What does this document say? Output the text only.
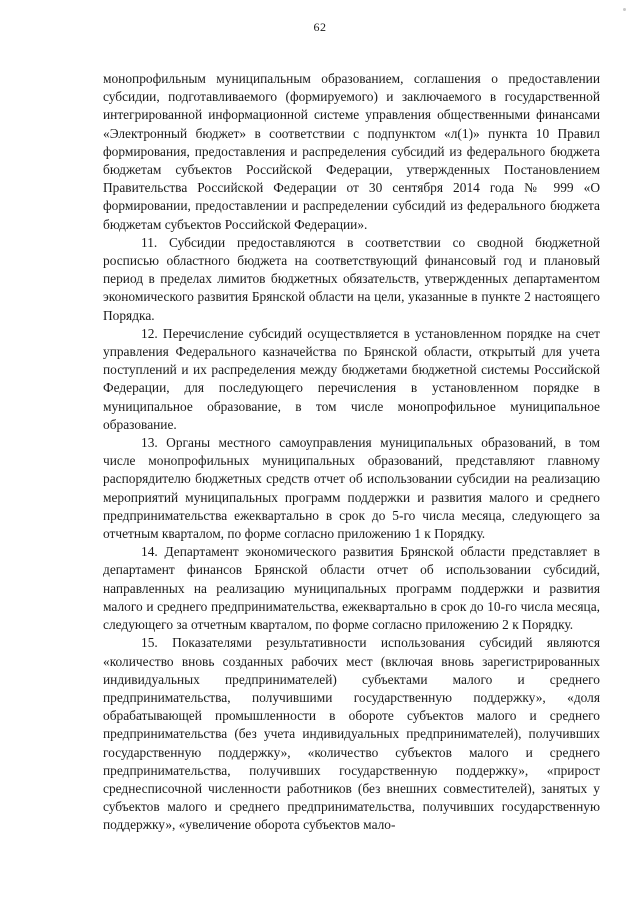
62

монопрофильным муниципальным образованием, соглашения о предоставлении субсидии, подготавливаемого (формируемого) и заключаемого в государственной интегрированной информационной системе управления общественными финансами «Электронный бюджет» в соответствии с подпунктом «л(1)» пункта 10 Правил формирования, предоставления и распределения субсидий из федерального бюджета бюджетам субъектов Российской Федерации, утвержденных Постановлением Правительства Российской Федерации от 30 сентября 2014 года № 999 «О формировании, предоставлении и распределении субсидий из федерального бюджета бюджетам субъектов Российской Федерации».

11. Субсидии предоставляются в соответствии со сводной бюджетной росписью областного бюджета на соответствующий финансовый год и плановый период в пределах лимитов бюджетных обязательств, утвержденных департаментом экономического развития Брянской области на цели, указанные в пункте 2 настоящего Порядка.

12. Перечисление субсидий осуществляется в установленном порядке на счет управления Федерального казначейства по Брянской области, открытый для учета поступлений и их распределения между бюджетами бюджетной системы Российской Федерации, для последующего перечисления в установленном порядке в муниципальное образование, в том числе монопрофильное муниципальное образование.

13. Органы местного самоуправления муниципальных образований, в том числе монопрофильных муниципальных образований, представляют главному распорядителю бюджетных средств отчет об использовании субсидии на реализацию мероприятий муниципальных программ поддержки и развития малого и среднего предпринимательства ежеквартально в срок до 5-го числа месяца, следующего за отчетным кварталом, по форме согласно приложению 1 к Порядку.

14. Департамент экономического развития Брянской области представляет в департамент финансов Брянской области отчет об использовании субсидий, направленных на реализацию муниципальных программ поддержки и развития малого и среднего предпринимательства, ежеквартально в срок до 10-го числа месяца, следующего за отчетным кварталом, по форме согласно приложению 2 к Порядку.

15. Показателями результативности использования субсидий являются «количество вновь созданных рабочих мест (включая вновь зарегистрированных индивидуальных предпринимателей) субъектами малого и среднего предпринимательства, получившими государственную поддержку», «доля обрабатывающей промышленности в обороте субъектов малого и среднего предпринимательства (без учета индивидуальных предпринимателей), получивших государственную поддержку», «количество субъектов малого и среднего предпринимательства, получивших государственную поддержку», «прирост среднесписочной численности работников (без внешних совместителей), занятых у субъектов малого и среднего предпринимательства, получивших государственную поддержку», «увеличение оборота субъектов мало-
